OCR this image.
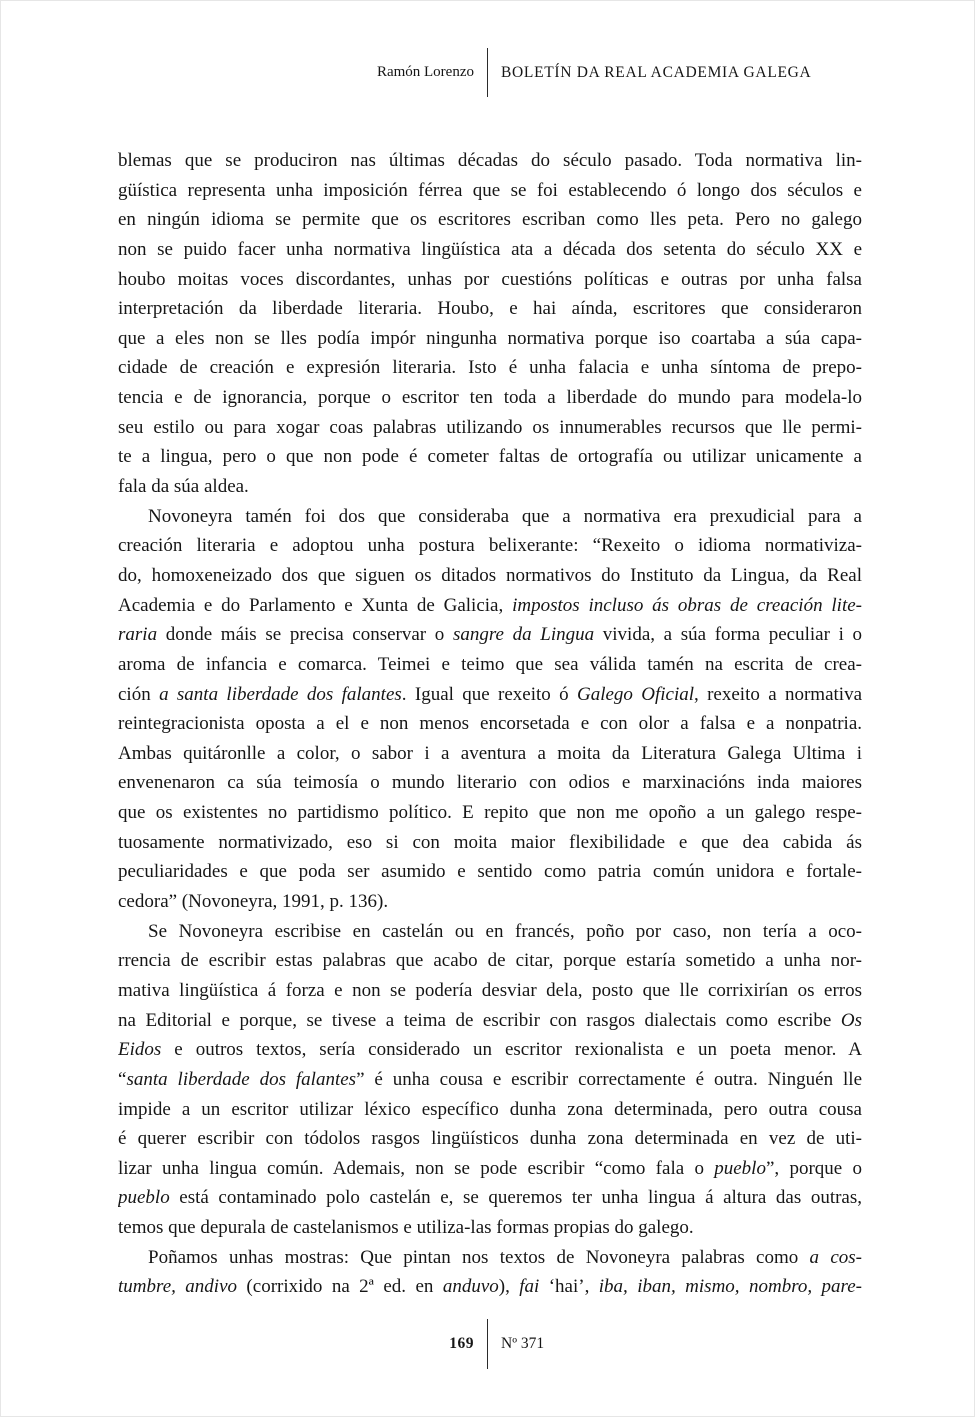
Ramón Lorenzo	BOLETÍN DA REAL ACADEMIA GALEGA
blemas que se produciron nas últimas décadas do século pasado. Toda normativa lin-
güística representa unha imposición férrea que se foi establecendo ó longo dos séculos e
en ningún idioma se permite que os escritores escriban como lles peta. Pero no galego
non se puido facer unha normativa lingüística ata a década dos setenta do século XX e
houbo moitas voces discordantes, unhas por cuestións políticas e outras por unha falsa
interpretación da liberdade literaria. Houbo, e hai aínda, escritores que consideraron
que a eles non se lles podía impór ningunha normativa porque iso coartaba a súa capa-
cidade de creación e expresión literaria. Isto é unha falacia e unha síntoma de prepo-
tencia e de ignorancia, porque o escritor ten toda a liberdade do mundo para modela-lo
seu estilo ou para xogar coas palabras utilizando os innumerables recursos que lle permi-
te a lingua, pero o que non pode é cometer faltas de ortografía ou utilizar unicamente a
fala da súa aldea.
Novoneyra tamén foi dos que consideraba que a normativa era prexudicial para a
creación literaria e adoptou unha postura belixerante: “Rexeito o idioma normativiza-
do, homoxeneizado dos que siguen os ditados normativos do Instituto da Lingua, da Real
Academia e do Parlamento e Xunta de Galicia, impostos incluso ás obras de creación lite-
raria donde máis se precisa conservar o sangre da Lingua vivida, a súa forma peculiar i o
aroma de infancia e comarca. Teimei e teimo que sea válida tamén na escrita de crea-
ción a santa liberdade dos falantes. Igual que rexeito ó Galego Oficial, rexeito a normativa
reintegracionista oposta a el e non menos encorsetada e con olor a falsa e a nonpatria.
Ambas quitáronlle a color, o sabor i a aventura a moita da Literatura Galega Ultima i
envenenaron ca súa teimosía o mundo literario con odios e marxinacións inda maiores
que os existentes no partidismo político. E repito que non me opoño a un galego respe-
tuosamente normativizado, eso si con moita maior flexibilidade e que dea cabida ás
peculiaridades e que poda ser asumido e sentido como patria común unidora e fortale-
cedora” (Novoneyra, 1991, p. 136).
Se Novoneyra escribise en castelán ou en francés, poño por caso, non tería a oco-
rrencia de escribir estas palabras que acabo de citar, porque estaría sometido a unha nor-
mativa lingüística á forza e non se podería desviar dela, posto que lle corrixirían os erros
na Editorial e porque, se tivese a teima de escribir con rasgos dialectais como escribe Os
Eidos e outros textos, sería considerado un escritor rexionalista e un poeta menor. A
“santa liberdade dos falantes” é unha cousa e escribir correctamente é outra. Ninguén lle
impide a un escritor utilizar léxico específico dunha zona determinada, pero outra cousa
é querer escribir con tódolos rasgos lingüísticos dunha zona determinada en vez de uti-
lizar unha lingua común. Ademais, non se pode escribir “como fala o pueblo”, porque o
pueblo está contaminado polo castelán e, se queremos ter unha lingua á altura das outras,
temos que depurala de castelanismos e utiliza-las formas propias do galego.
Poñamos unhas mostras: Que pintan nos textos de Novoneyra palabras como a cos-
tumbre, andivo (corrixido na 2ª ed. en anduvo), fai ‘hai’, iba, iban, mismo, nombro, pare-
169	Nº 371
